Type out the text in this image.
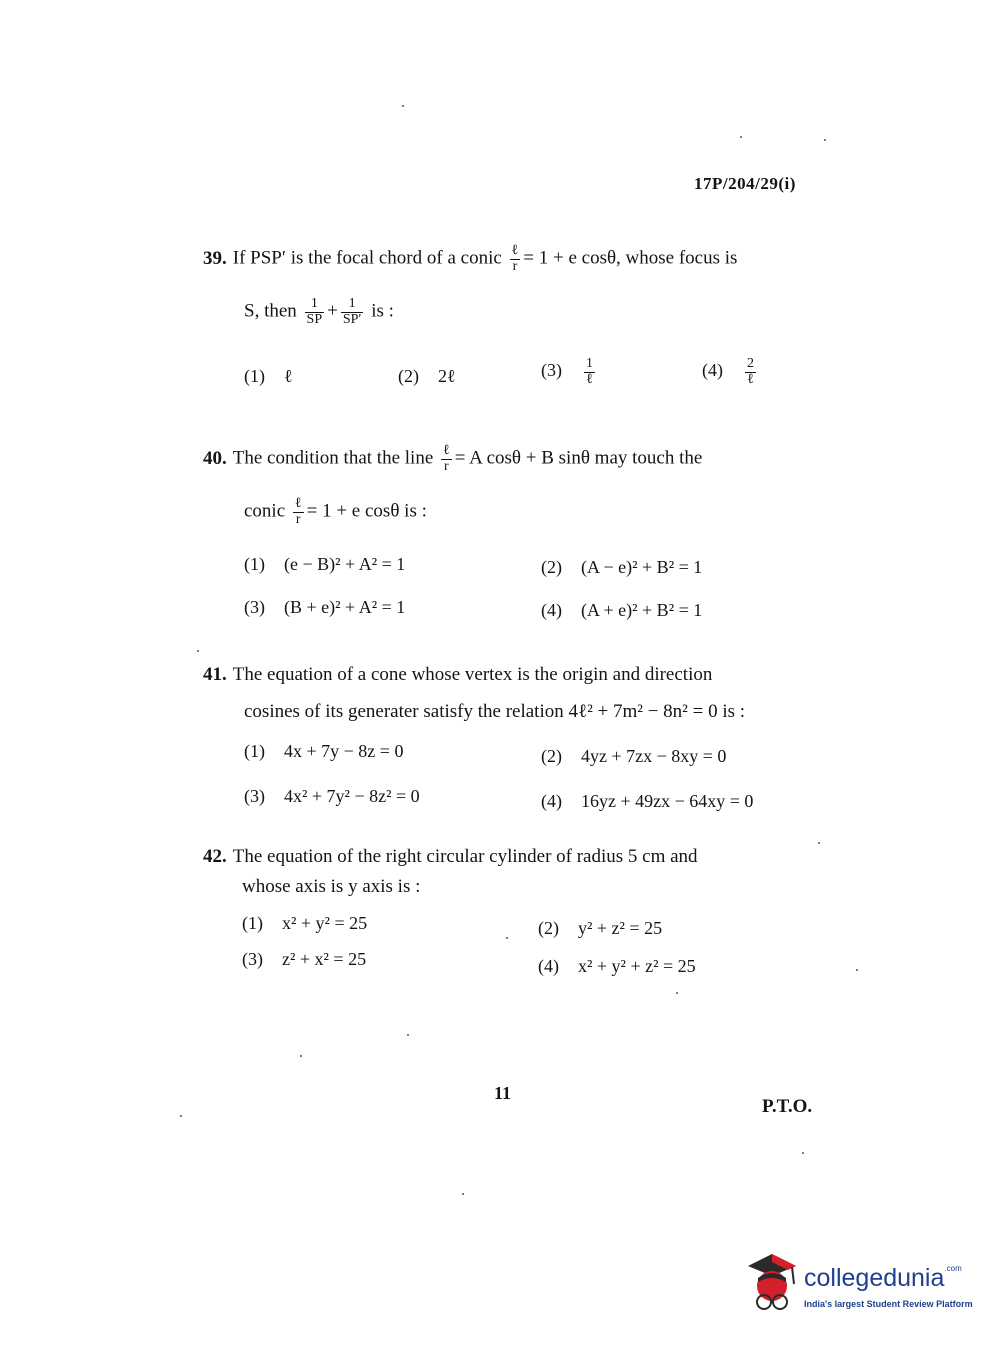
17P/204/29(i)
39. If PSP′ is the focal chord of a conic $\frac{\text{ℓ}}{r} = 1 + e$ cosθ, whose focus is
S, then $\frac{1}{SP} + \frac{1}{SP'}$ is :
(1) ℓ	(2) 2ℓ	$(3) \frac{1}{\text{ℓ}}$	$(4) \frac{2}{\text{ℓ}}$
40. The condition that the line $\frac{\text{ℓ}}{r} = A$ cosθ + B sinθ may touch the
conic $\frac{\text{ℓ}}{r} = 1 + e$ cosθ is :
(1) (e − B)² + A² = 1	(2) (A − e)² + B² = 1
(3) (B + e)² + A² = 1	(4) (A + e)² + B² = 1
41. The equation of a cone whose vertex is the origin and direction
cosines of its generater satisfy the relation 4ℓ² + 7m² − 8n² = 0 is :
(1) 4x + 7y − 8z = 0	(2) 4yz + 7zx − 8xy = 0
(3) 4x² + 7y² − 8z² = 0	(4) 16yz + 49zx − 64xy = 0
42. The equation of the right circular cylinder of radius 5 cm and
whose axis is y axis is :
(1) x² + y² = 25	(2) y² + z² = 25
(3) z² + x² = 25	(4) x² + y² + z² = 25
11
P.T.O.
collegedunia$^{.com}$
India's largest Student Review Platform
